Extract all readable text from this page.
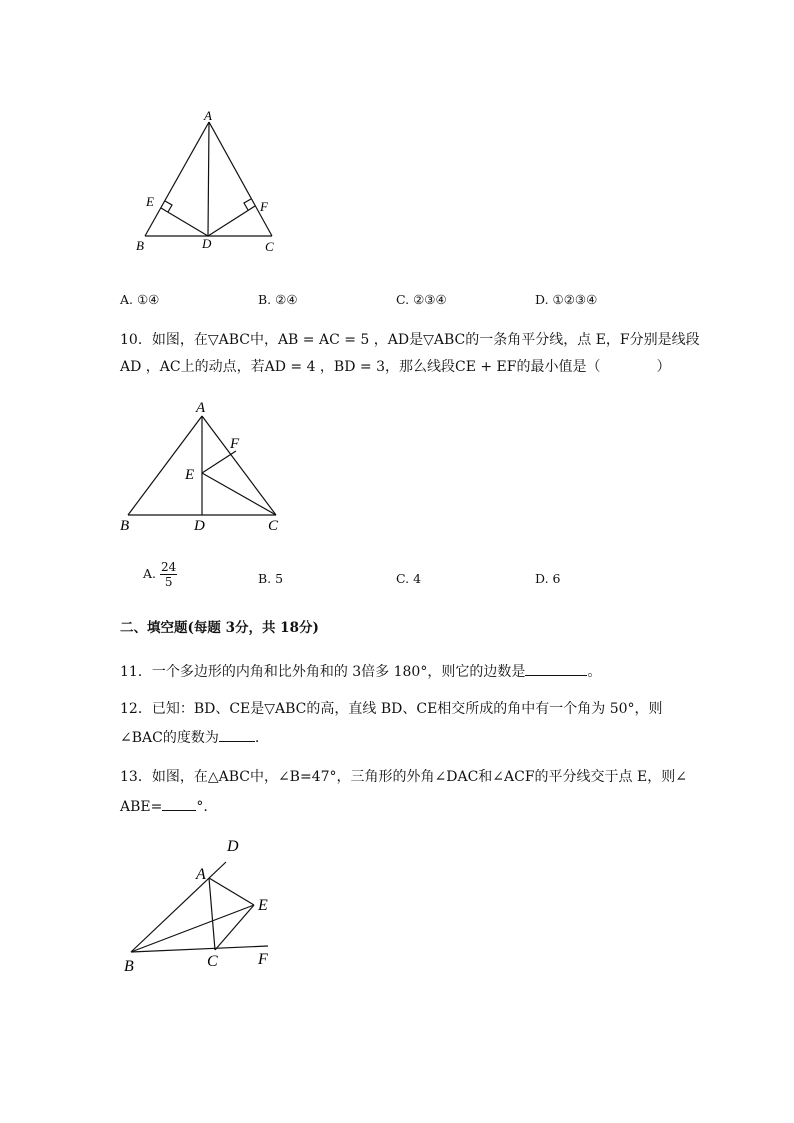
A
E	F
B	D	C
A. ①④	B. ②④	C. ②③④	D. ①②③④
10．如图，在▽ABC中，AB = AC = 5 ，AD是▽ABC的一条角平分线，点 E，F分别是线段
AD ，AC上的动点，若AD = 4 ，BD = 3，那么线段CE + EF的最小值是（　　　　）
A
F
E
B	D	C
A. $\frac{24}{5}$	B. 5	C. 4	D. 6
二、填空题(每题 3分，共 18分)
11．一个多边形的内角和比外角和的 3倍多 180°，则它的边数是	。
12．已知：BD、CE是▽ABC的高，直线 BD、CE相交所成的角中有一个角为 50°，则
∠BAC的度数为	.
13．如图，在△ABC中，∠B=47°，三角形的外角∠DAC和∠ACF的平分线交于点 E，则∠
ABE= °.
D
A
E
B	C	F
